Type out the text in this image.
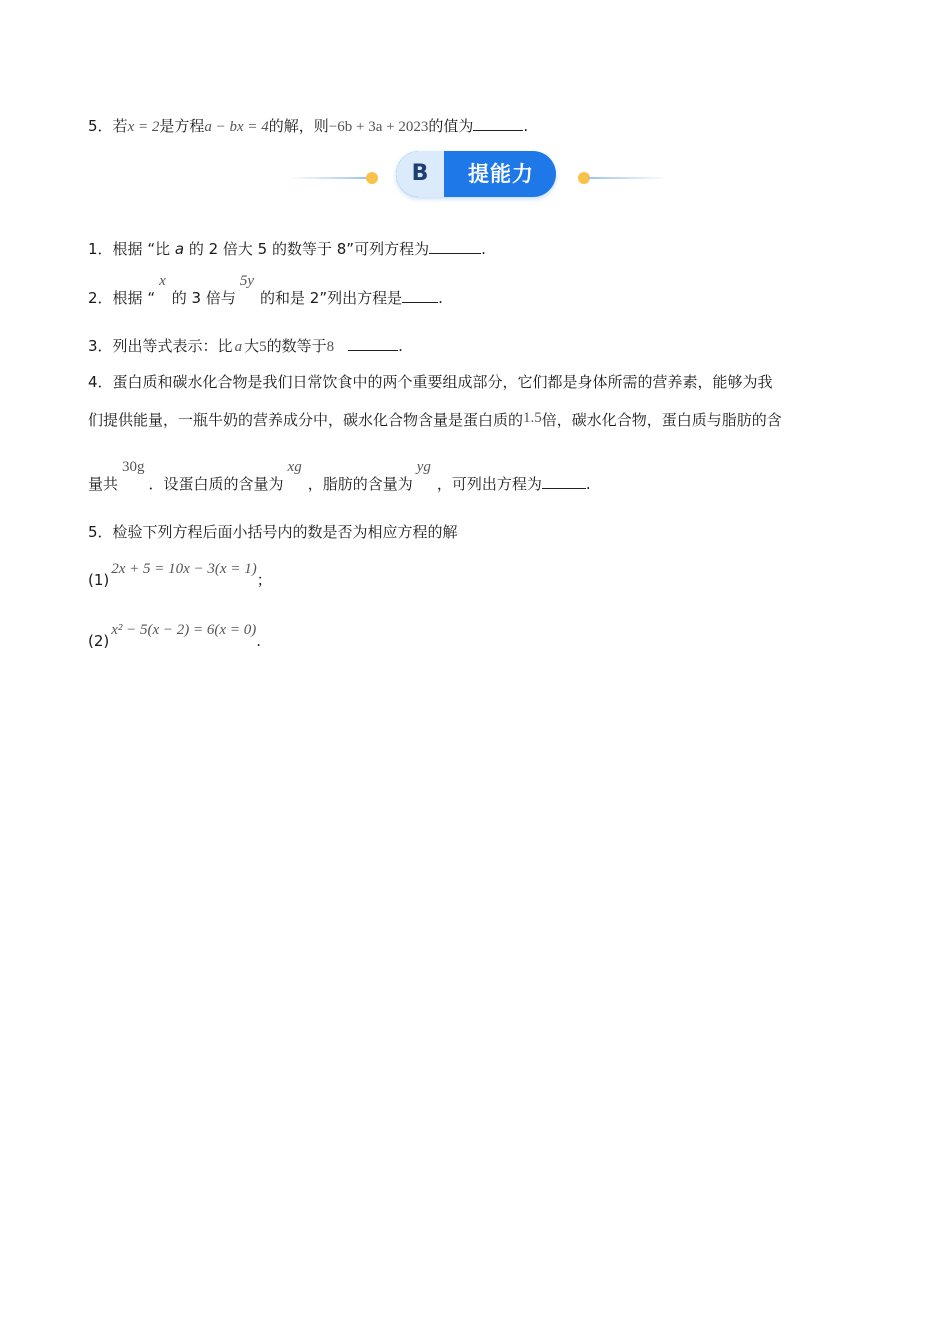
5．若x = 2是方程a − bx = 4的解，则−6b + 3a + 2023的值为	.
B	提能力
1．根据 “比 a 的 2 倍大 5 的数等于 8”可列方程为	.
2．根据 “x的 3 倍与5y的和是 2”列出方程是 .
3．列出等式表示：比 a 大5的数等于8	.
4．蛋白质和碳水化合物是我们日常饮食中的两个重要组成部分，它们都是身体所需的营养素，能够为我
们提供能量，一瓶牛奶的营养成分中，碳水化合物含量是蛋白质的1.5倍，碳水化合物，蛋白质与脂肪的含
量共30g．设蛋白质的含量为xg，脂肪的含量为yg，可列出方程为	.
5．检验下列方程后面小括号内的数是否为相应方程的解
(1)2x + 5 = 10x − 3(x = 1)；
(2)x² − 5(x − 2) = 6(x = 0).
